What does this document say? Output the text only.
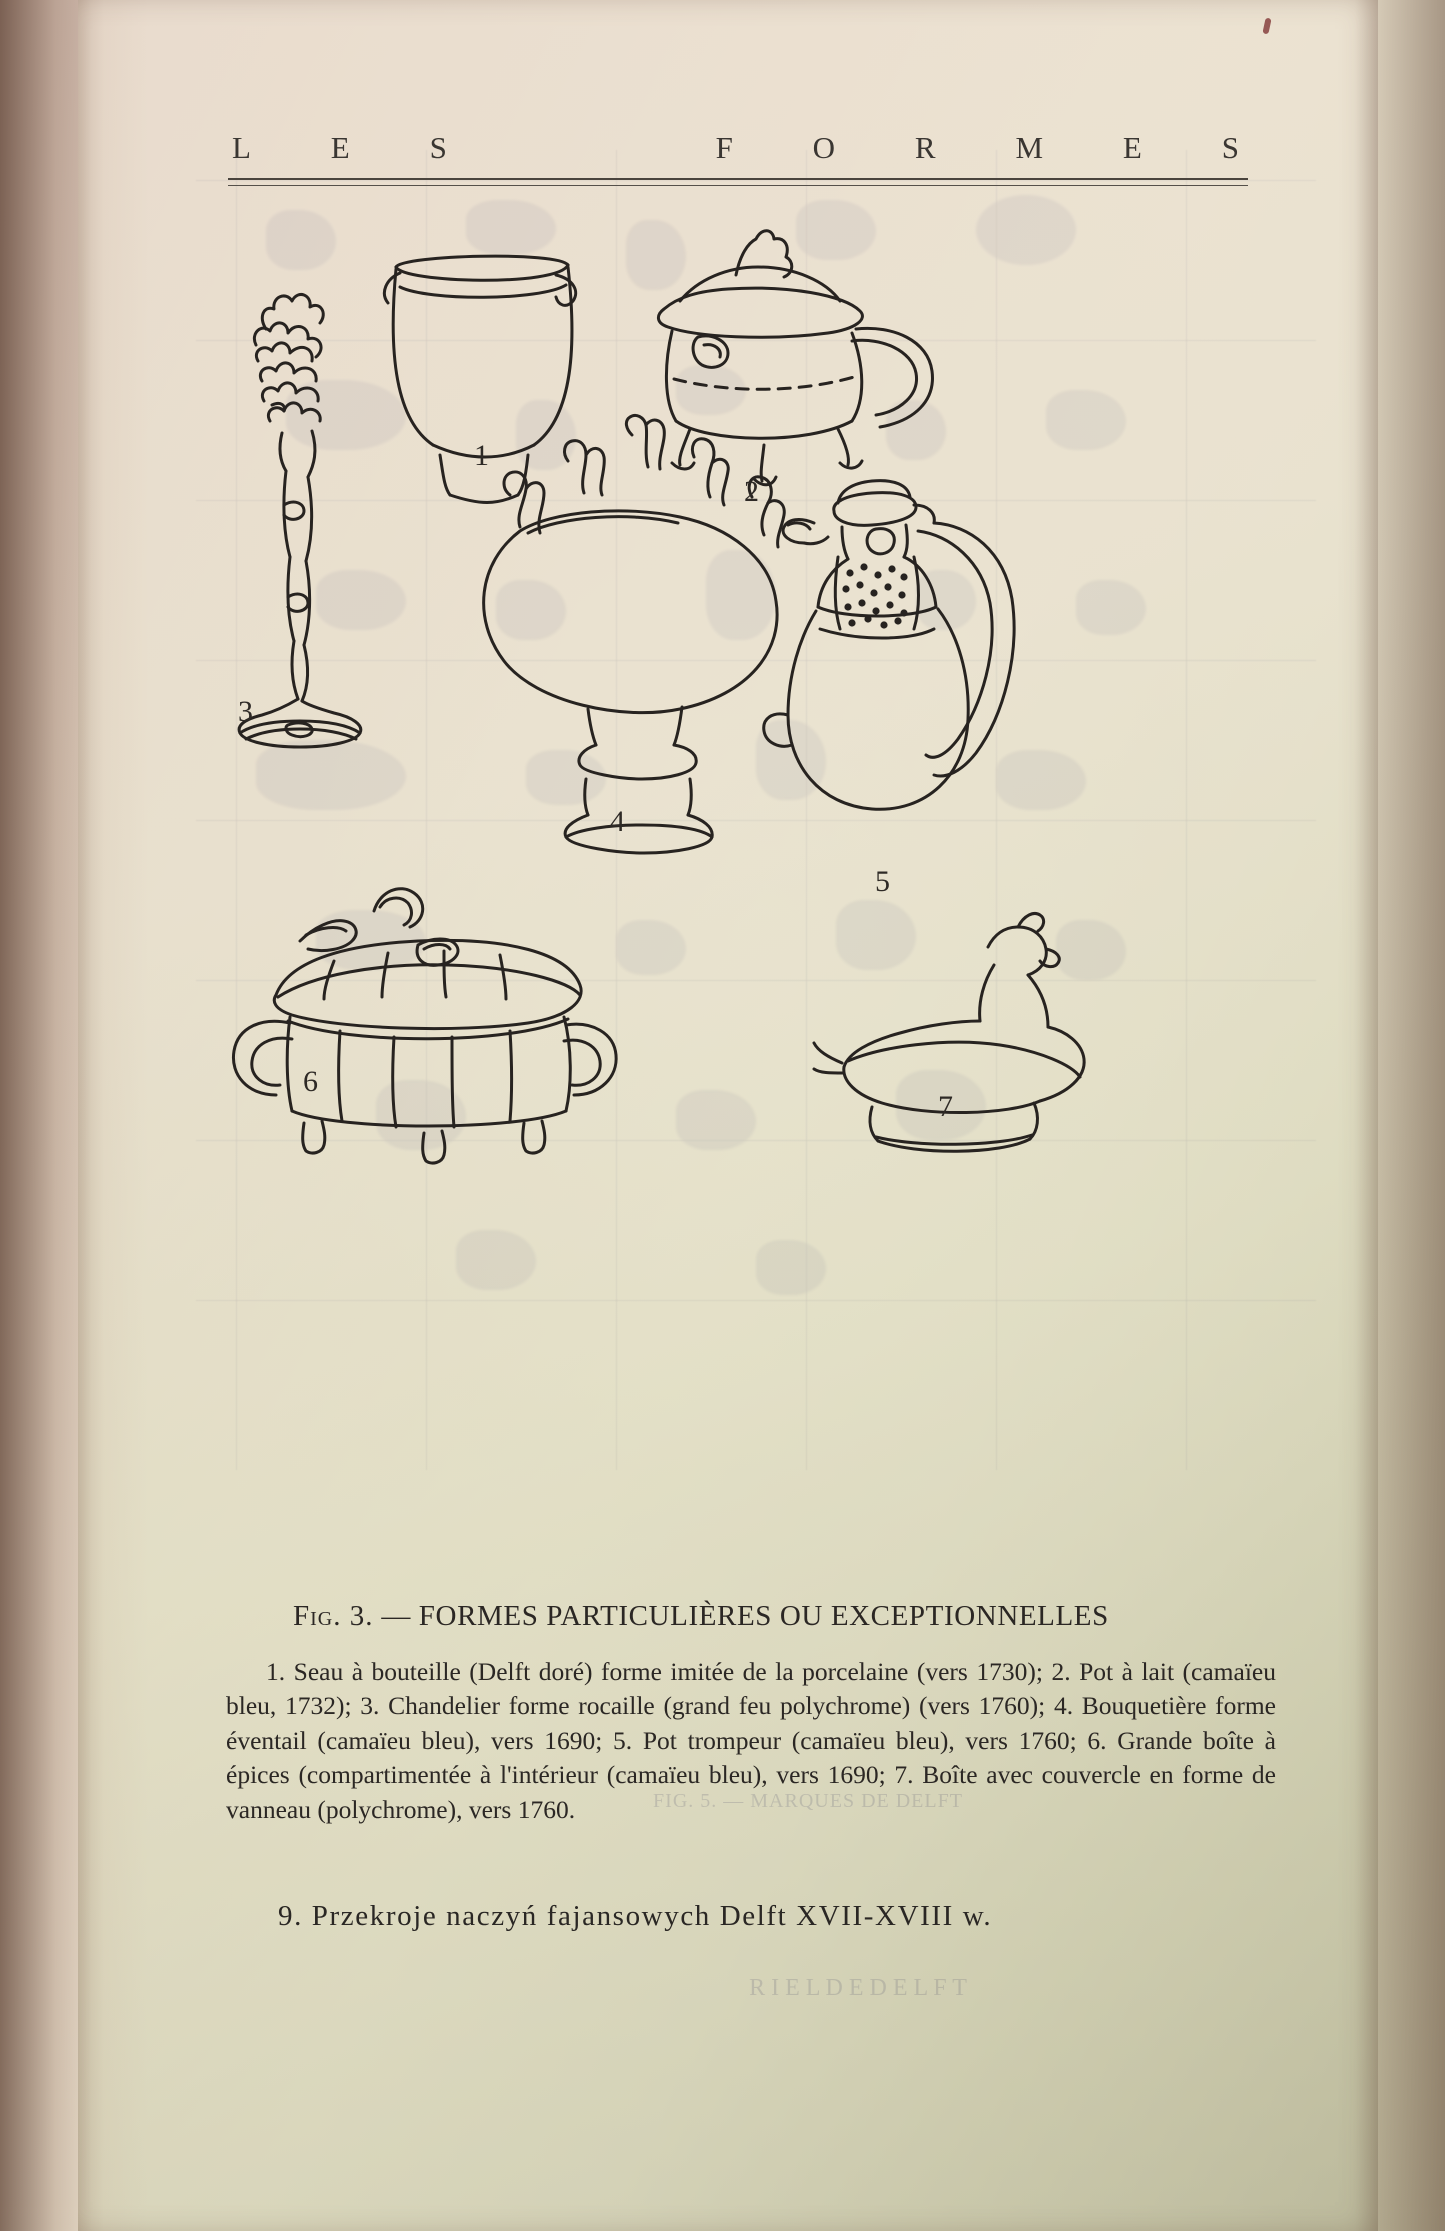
L	E	S	F	O	R	M	E	S
1
2
3
4
5
6
7
FIG. 5. — MARQUES DE DELFT
R I E L D E D E L F T
Fig. 3. — FORMES PARTICULIÈRES OU EXCEPTIONNELLES

1. Seau à bouteille (Delft doré) forme imitée de la porcelaine (vers 1730); 2. Pot à lait (camaïeu bleu, 1732); 3. Chandelier forme rocaille (grand feu polychrome) (vers 1760); 4. Bouquetière forme éventail (camaïeu bleu), vers 1690; 5. Pot trompeur (camaïeu bleu), vers 1760; 6. Grande boîte à épices (compartimentée à l'intérieur (camaïeu bleu), vers 1690; 7. Boîte avec couvercle en forme de vanneau (polychrome), vers 1760.

9. Przekroje naczyń fajansowych Delft XVII-XVIII w.
